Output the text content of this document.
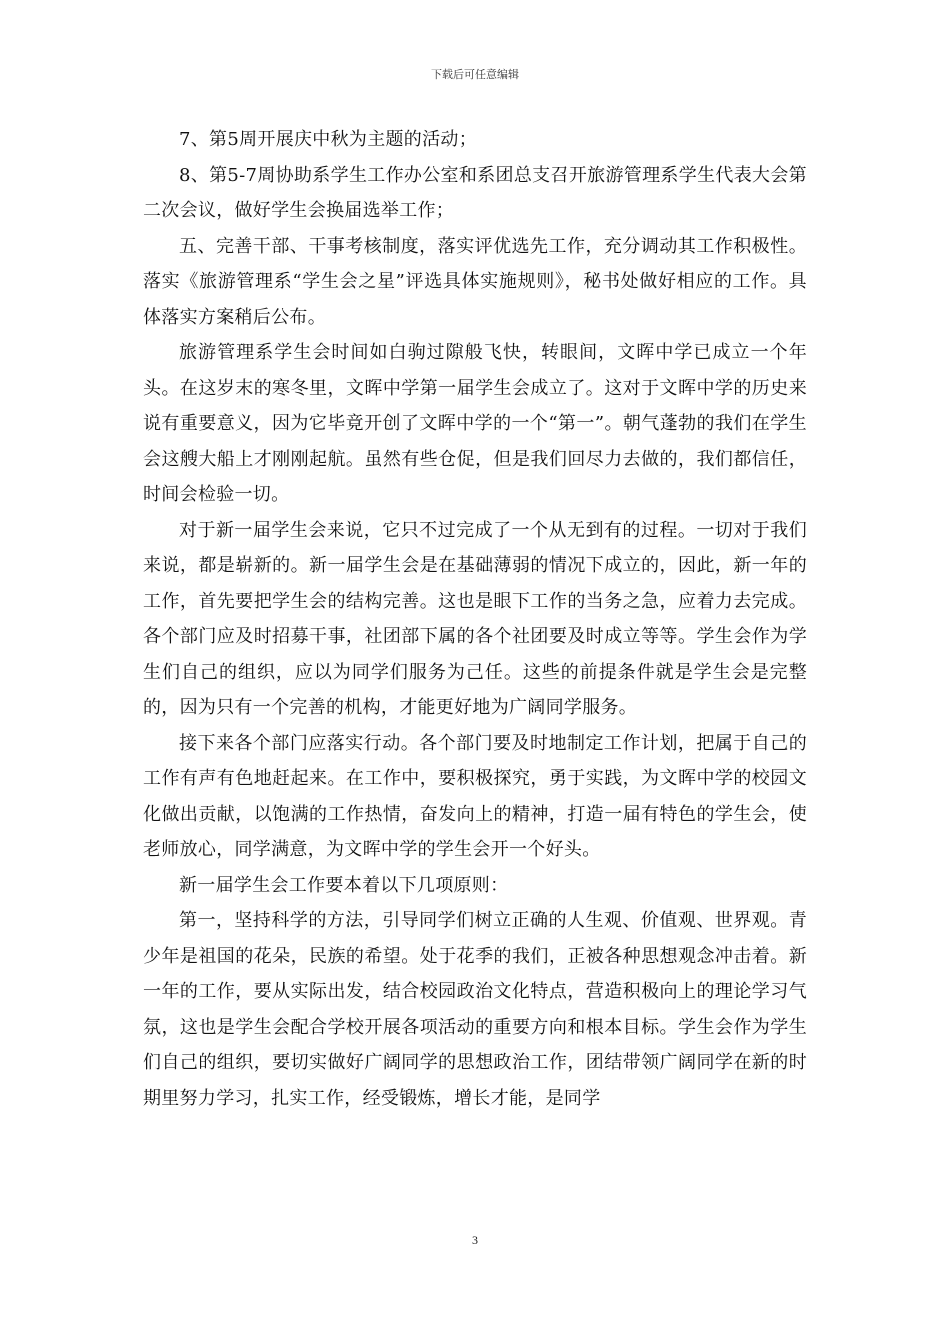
下载后可任意编辑

7、第5周开展庆中秋为主题的活动；

8、第5-7周协助系学生工作办公室和系团总支召开旅游管理系学生代表大会第二次会议，做好学生会换届选举工作；

五、完善干部、干事考核制度，落实评优选先工作，充分调动其工作积极性。落实《旅游管理系“学生会之星”评选具体实施规则》，秘书处做好相应的工作。具体落实方案稍后公布。

旅游管理系学生会时间如白驹过隙般飞快，转眼间，文晖中学已成立一个年头。在这岁末的寒冬里，文晖中学第一届学生会成立了。这对于文晖中学的历史来说有重要意义，因为它毕竟开创了文晖中学的一个“第一”。朝气蓬勃的我们在学生会这艘大船上才刚刚起航。虽然有些仓促，但是我们回尽力去做的，我们都信任，时间会检验一切。

对于新一届学生会来说，它只不过完成了一个从无到有的过程。一切对于我们来说，都是崭新的。新一届学生会是在基础薄弱的情况下成立的，因此，新一年的工作，首先要把学生会的结构完善。这也是眼下工作的当务之急，应着力去完成。各个部门应及时招募干事，社团部下属的各个社团要及时成立等等。学生会作为学生们自己的组织，应以为同学们服务为己任。这些的前提条件就是学生会是完整的，因为只有一个完善的机构，才能更好地为广阔同学服务。

接下来各个部门应落实行动。各个部门要及时地制定工作计划，把属于自己的工作有声有色地赶起来。在工作中，要积极探究，勇于实践，为文晖中学的校园文化做出贡献，以饱满的工作热情，奋发向上的精神，打造一届有特色的学生会，使老师放心，同学满意，为文晖中学的学生会开一个好头。

新一届学生会工作要本着以下几项原则：

第一，坚持科学的方法，引导同学们树立正确的人生观、价值观、世界观。青少年是祖国的花朵，民族的希望。处于花季的我们，正被各种思想观念冲击着。新一年的工作，要从实际出发，结合校园政治文化特点，营造积极向上的理论学习气氛，这也是学生会配合学校开展各项活动的重要方向和根本目标。学生会作为学生们自己的组织，要切实做好广阔同学的思想政治工作，团结带领广阔同学在新的时期里努力学习，扎实工作，经受锻炼，增长才能，是同学

3
